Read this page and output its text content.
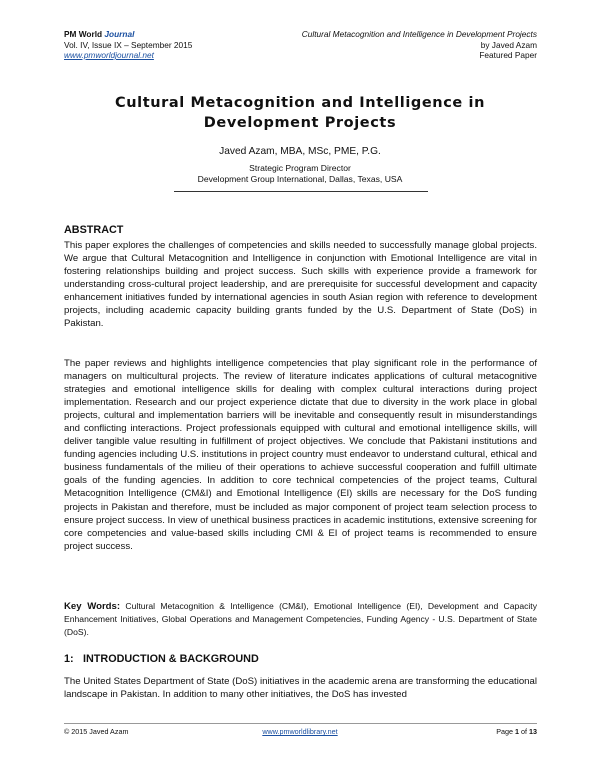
PM World Journal
Vol. IV, Issue IX – September 2015
www.pmworldjournal.net
Cultural Metacognition and Intelligence in Development Projects
by Javed Azam
Featured Paper
Cultural Metacognition and Intelligence in
Development Projects
Javed Azam, MBA, MSc, PME, P.G.
Strategic Program Director
Development Group International, Dallas, Texas, USA
ABSTRACT
This paper explores the challenges of competencies and skills needed to successfully manage global projects. We argue that Cultural Metacognition and Intelligence in conjunction with Emotional Intelligence are vital in fostering relationships building and project success. Such skills with experience provide a framework for understanding cross-cultural project leadership, and are prerequisite for successful development and capacity enhancement initiatives funded by international agencies in south Asian region with reference to development projects, including academic capacity building grants funded by the U.S. Department of State (DoS) in Pakistan.
The paper reviews and highlights intelligence competencies that play significant role in the performance of managers on multicultural projects. The review of literature indicates applications of cultural metacognitive strategies and emotional intelligence skills for dealing with complex cultural interactions during project implementation. Research and our project experience dictate that due to diversity in the work place in global projects, cultural and implementation barriers will be inevitable and consequently result in misunderstandings and conflicting interactions. Project professionals equipped with cultural and emotional intelligence skills, will deliver tangible value resulting in fulfillment of project objectives. We conclude that Pakistani institutions and funding agencies including U.S. institutions in project country must endeavor to understand cultural, ethical and business fundamentals of the milieu of their operations to achieve successful cooperation and fulfill ultimate goals of the funding agencies. In addition to core technical competencies of the project teams, Cultural Metacognition Intelligence (CM&I) and Emotional Intelligence (EI) skills are necessary for the DoS funding projects in Pakistan and therefore, must be included as major component of project team selection process to ensure project success. In view of unethical business practices in academic institutions, extensive screening for core competencies and value-based skills including CMI & EI of project teams is recommended to ensure project success.
Key Words: Cultural Metacognition & Intelligence (CM&I), Emotional Intelligence (EI), Development and Capacity Enhancement Initiatives, Global Operations and Management Competencies, Funding Agency - U.S. Department of State (DoS).
1: INTRODUCTION & BACKGROUND
The United States Department of State (DoS) initiatives in the academic arena are transforming the educational landscape in Pakistan. In addition to many other initiatives, the DoS has invested
© 2015 Javed Azam	www.pmworldlibrary.net	Page 1 of 13
